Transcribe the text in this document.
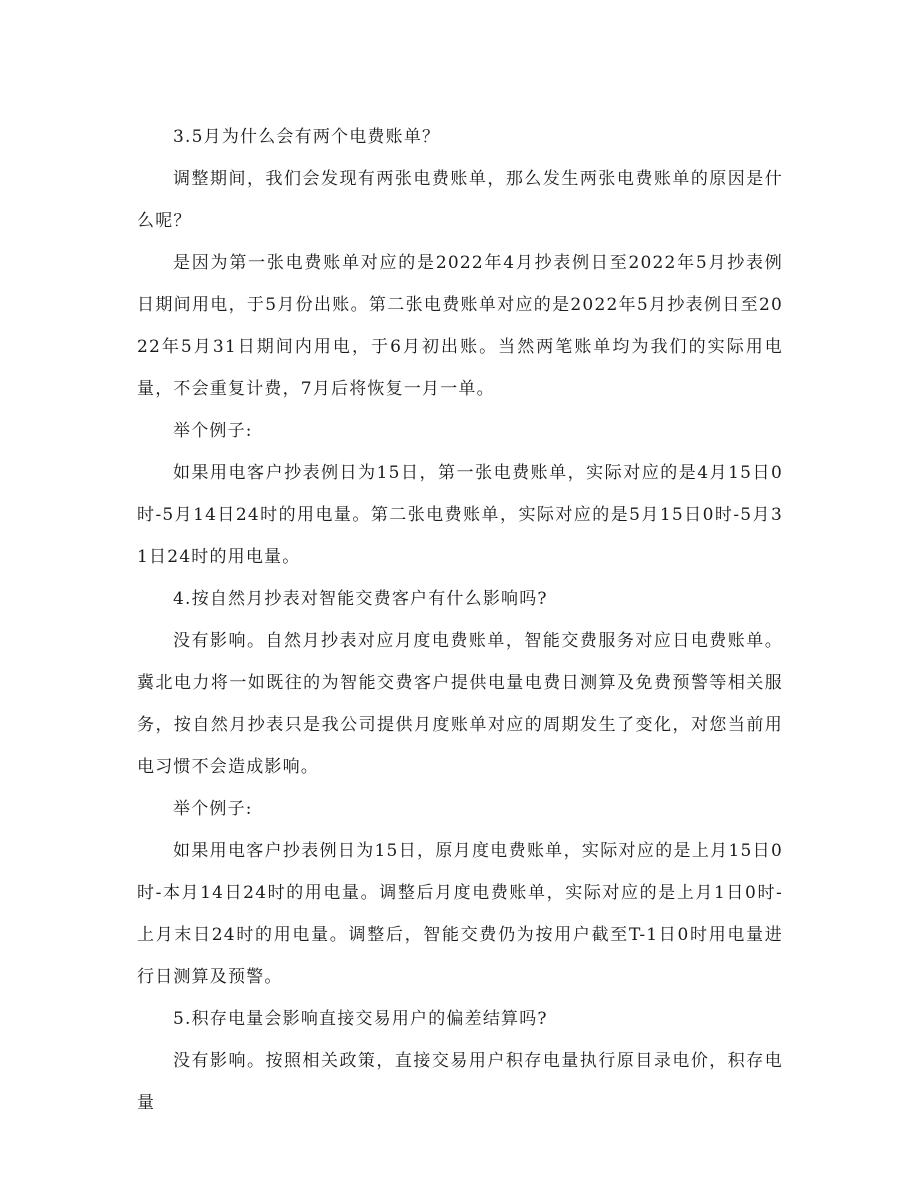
3.5月为什么会有两个电费账单？

调整期间，我们会发现有两张电费账单，那么发生两张电费账单的原因是什么呢？

是因为第一张电费账单对应的是2022年4月抄表例日至2022年5月抄表例日期间用电，于5月份出账。第二张电费账单对应的是2022年5月抄表例日至2022年5月31日期间内用电，于6月初出账。当然两笔账单均为我们的实际用电量，不会重复计费，7月后将恢复一月一单。

举个例子:

如果用电客户抄表例日为15日，第一张电费账单，实际对应的是4月15日0时-5月14日24时的用电量。第二张电费账单，实际对应的是5月15日0时-5月31日24时的用电量。

4.按自然月抄表对智能交费客户有什么影响吗?

没有影响。自然月抄表对应月度电费账单，智能交费服务对应日电费账单。冀北电力将一如既往的为智能交费客户提供电量电费日测算及免费预警等相关服务，按自然月抄表只是我公司提供月度账单对应的周期发生了变化，对您当前用电习惯不会造成影响。

举个例子:

如果用电客户抄表例日为15日，原月度电费账单，实际对应的是上月15日0时-本月14日24时的用电量。调整后月度电费账单，实际对应的是上月1日0时-上月末日24时的用电量。调整后，智能交费仍为按用户截至T-1日0时用电量进行日测算及预警。

5.积存电量会影响直接交易用户的偏差结算吗?

没有影响。按照相关政策，直接交易用户积存电量执行原目录电价，积存电量
